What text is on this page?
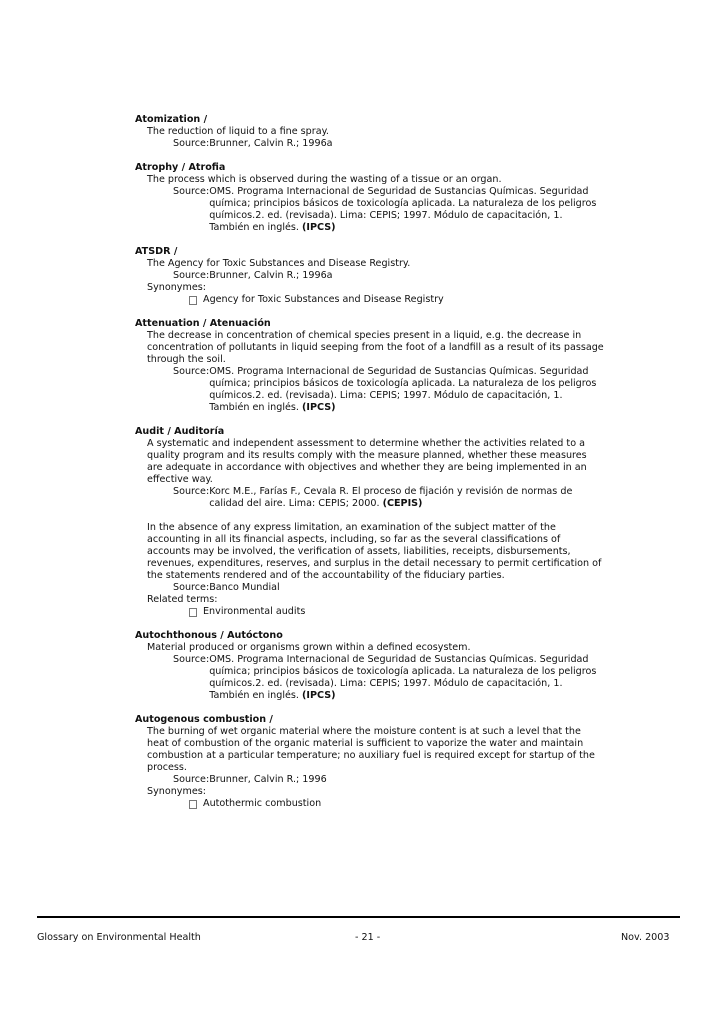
Atomization /
The reduction of liquid to a fine spray.
Source: Brunner, Calvin R.; 1996a
Atrophy / Atrofia
The process which is observed during the wasting of a tissue or an organ.
Source: OMS. Programa Internacional de Seguridad de Sustancias Químicas. Seguridad química; principios básicos de toxicología aplicada. La naturaleza de los peligros químicos.2. ed. (revisada). Lima: CEPIS; 1997. Módulo de capacitación, 1. También en inglés. (IPCS)
ATSDR /
The Agency for Toxic Substances and Disease Registry.
Source: Brunner, Calvin R.; 1996a
Synonymes:
Agency for Toxic Substances and Disease Registry
Attenuation / Atenuación
The decrease in concentration of chemical species present in a liquid, e.g. the decrease in concentration of pollutants in liquid seeping from the foot of a landfill as a result of its passage through the soil.
Source: OMS. Programa Internacional de Seguridad de Sustancias Químicas. Seguridad química; principios básicos de toxicología aplicada. La naturaleza de los peligros químicos.2. ed. (revisada). Lima: CEPIS; 1997. Módulo de capacitación, 1. También en inglés. (IPCS)
Audit / Auditoría
A systematic and independent assessment to determine whether the activities related to a quality program and its results comply with the measure planned, whether these measures are adequate in accordance with objectives and whether they are being implemented in an effective way.
Source: Korc M.E., Farías F., Cevala R. El proceso de fijación y revisión de normas de calidad del aire. Lima: CEPIS; 2000. (CEPIS)
In the absence of any express limitation, an examination of the subject matter of the accounting in all its financial aspects, including, so far as the several classifications of accounts may be involved, the verification of assets, liabilities, receipts, disbursements, revenues, expenditures, reserves, and surplus in the detail necessary to permit certification of the statements rendered and of the accountability of the fiduciary parties.
Source: Banco Mundial
Related terms:
Environmental audits
Autochthonous / Autóctono
Material produced or organisms grown within a defined ecosystem.
Source: OMS. Programa Internacional de Seguridad de Sustancias Químicas. Seguridad química; principios básicos de toxicología aplicada. La naturaleza de los peligros químicos.2. ed. (revisada). Lima: CEPIS; 1997. Módulo de capacitación, 1. También en inglés. (IPCS)
Autogenous combustion /
The burning of wet organic material where the moisture content is at such a level that the heat of combustion of the organic material is sufficient to vaporize the water and maintain combustion at a particular temperature; no auxiliary fuel is required except for startup of the process.
Source: Brunner, Calvin R.; 1996
Synonymes:
Autothermic combustion
Glossary on Environmental Health	- 21 -	Nov. 2003
